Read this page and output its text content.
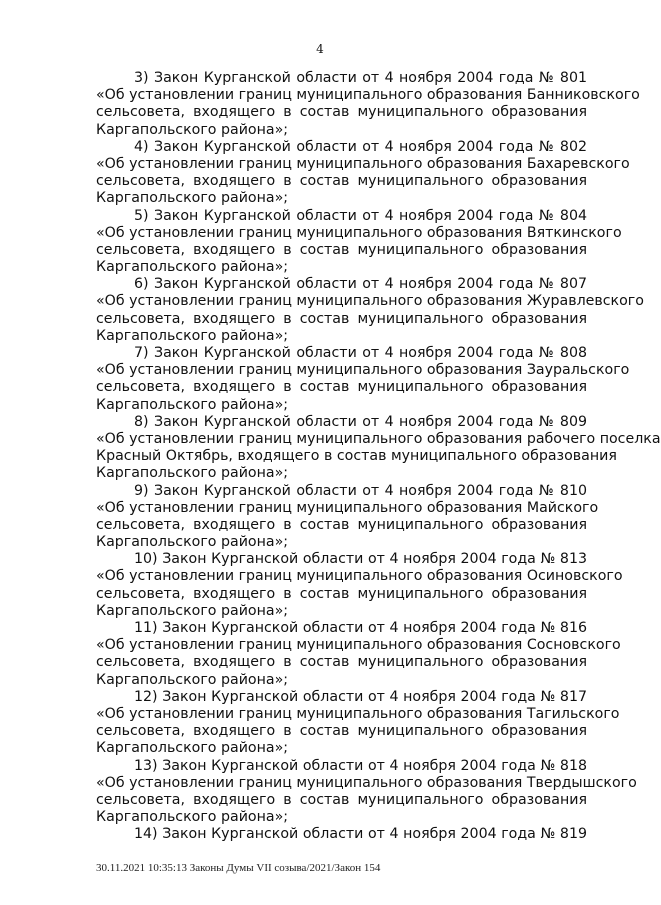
4
3) Закон Курганской области от 4 ноября 2004 года № 801
«Об установлении границ муниципального образования Банниковского
сельсовета, входящего в состав муниципального образования
Каргапольского района»;
4) Закон Курганской области от 4 ноября 2004 года № 802
«Об установлении границ муниципального образования Бахаревского
сельсовета, входящего в состав муниципального образования
Каргапольского района»;
5) Закон Курганской области от 4 ноября 2004 года № 804
«Об установлении границ муниципального образования Вяткинского
сельсовета, входящего в состав муниципального образования
Каргапольского района»;
6) Закон Курганской области от 4 ноября 2004 года № 807
«Об установлении границ муниципального образования Журавлевского
сельсовета, входящего в состав муниципального образования
Каргапольского района»;
7) Закон Курганской области от 4 ноября 2004 года № 808
«Об установлении границ муниципального образования Зауральского
сельсовета, входящего в состав муниципального образования
Каргапольского района»;
8) Закон Курганской области от 4 ноября 2004 года № 809
«Об установлении границ муниципального образования рабочего поселка
Красный Октябрь, входящего в состав муниципального образования
Каргапольского района»;
9) Закон Курганской области от 4 ноября 2004 года № 810
«Об установлении границ муниципального образования Майского
сельсовета, входящего в состав муниципального образования
Каргапольского района»;
10) Закон Курганской области от 4 ноября 2004 года № 813
«Об установлении границ муниципального образования Осиновского
сельсовета, входящего в состав муниципального образования
Каргапольского района»;
11) Закон Курганской области от 4 ноября 2004 года № 816
«Об установлении границ муниципального образования Сосновского
сельсовета, входящего в состав муниципального образования
Каргапольского района»;
12) Закон Курганской области от 4 ноября 2004 года № 817
«Об установлении границ муниципального образования Тагильского
сельсовета, входящего в состав муниципального образования
Каргапольского района»;
13) Закон Курганской области от 4 ноября 2004 года № 818
«Об установлении границ муниципального образования Твердышского
сельсовета, входящего в состав муниципального образования
Каргапольского района»;
14) Закон Курганской области от 4 ноября 2004 года № 819
30.11.2021 10:35:13 Законы Думы VII созыва/2021/Закон 154
